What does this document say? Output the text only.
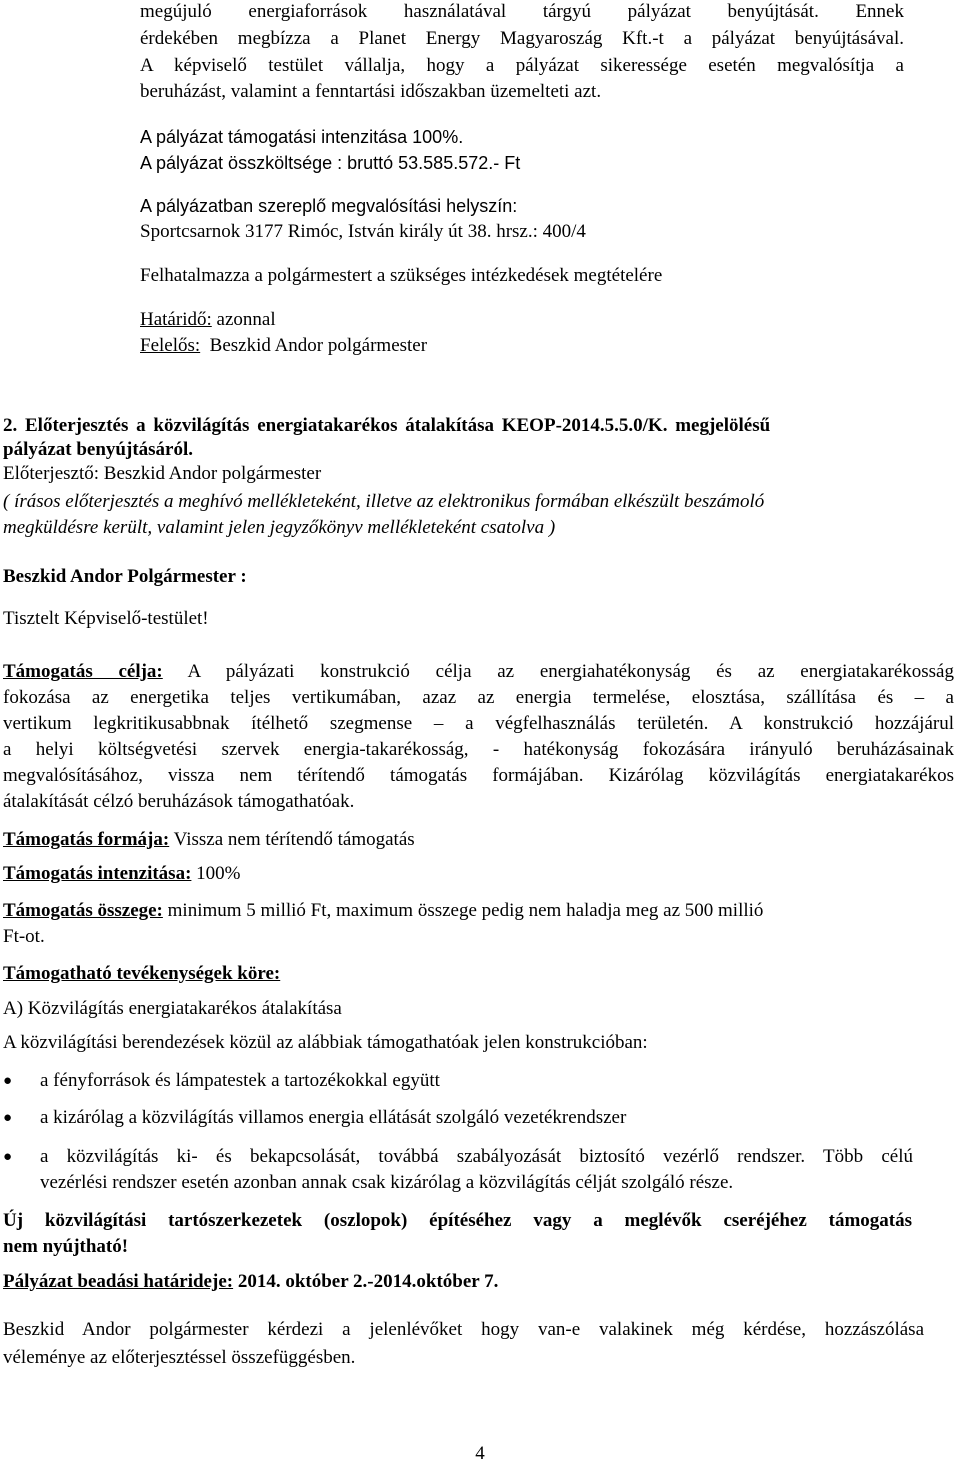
megújuló energiaforrások használatával tárgyú pályázat benyújtását. Ennek
érdekében megbízza a Planet Energy Magyaroszág Kft.-t a pályázat benyújtásával.
A képviselő testület vállalja, hogy a pályázat sikeressége esetén megvalósítja a
beruházást, valamint a fenntartási időszakban üzemelteti azt.
A pályázat támogatási intenzitása 100%.
A pályázat összköltsége : bruttó 53.585.572.- Ft
A pályázatban szereplő megvalósítási helyszín:
Sportcsarnok 3177 Rimóc, István király út 38. hrsz.: 400/4
Felhatalmazza a polgármestert a szükséges intézkedések megtételére
Határidő: azonnal
Felelős:  Beszkid Andor polgármester
2. Előterjesztés a közvilágítás energiatakarékos átalakítása KEOP-2014.5.5.0/K. megjelölésű
pályázat benyújtásáról.
Előterjesztő: Beszkid Andor polgármester
( írásos előterjesztés a meghívó mellékleteként, illetve az elektronikus formában elkészült beszámoló
megküldésre került, valamint jelen jegyzőkönyv mellékleteként csatolva )
Beszkid Andor Polgármester :
Tisztelt Képviselő-testület!
Támogatás célja: A pályázati konstrukció célja az energiahatékonyság és az energiatakarékosság
fokozása az energetika teljes vertikumában, azaz az energia termelése, elosztása, szállítása és – a
vertikum legkritikusabbnak ítélhető szegmense – a végfelhasználás területén. A konstrukció hozzájárul
a helyi költségvetési szervek energia-takarékosság, - hatékonyság fokozására irányuló beruházásainak
megvalósításához, vissza nem térítendő támogatás formájában. Kizárólag közvilágítás energiatakarékos
átalakítását célzó beruházások támogathatóak.
Támogatás formája: Vissza nem térítendő támogatás
Támogatás intenzitása: 100%
Támogatás összege: minimum 5 millió Ft, maximum összege pedig nem haladja meg az 500 millió
Ft-ot.
Támogatható tevékenységek köre:
A) Közvilágítás energiatakarékos átalakítása
A közvilágítási berendezések közül az alábbiak támogathatóak jelen konstrukcióban:
● a fényforrások és lámpatestek a tartozékokkal együtt
● a kizárólag a közvilágítás villamos energia ellátását szolgáló vezetékrendszer
● a közvilágítás ki- és bekapcsolását, továbbá szabályozását biztosító vezérlő rendszer. Több célú
vezérlési rendszer esetén azonban annak csak kizárólag a közvilágítás célját szolgáló része.
Új közvilágítási tartószerkezetek (oszlopok) építéséhez vagy a meglévők cseréjéhez támogatás
nem nyújtható!
Pályázat beadási határideje: 2014. október 2.-2014.október 7.
Beszkid Andor polgármester kérdezi a jelenlévőket hogy van-e valakinek még kérdése, hozzászólása
véleménye az előterjesztéssel összefüggésben.
4
